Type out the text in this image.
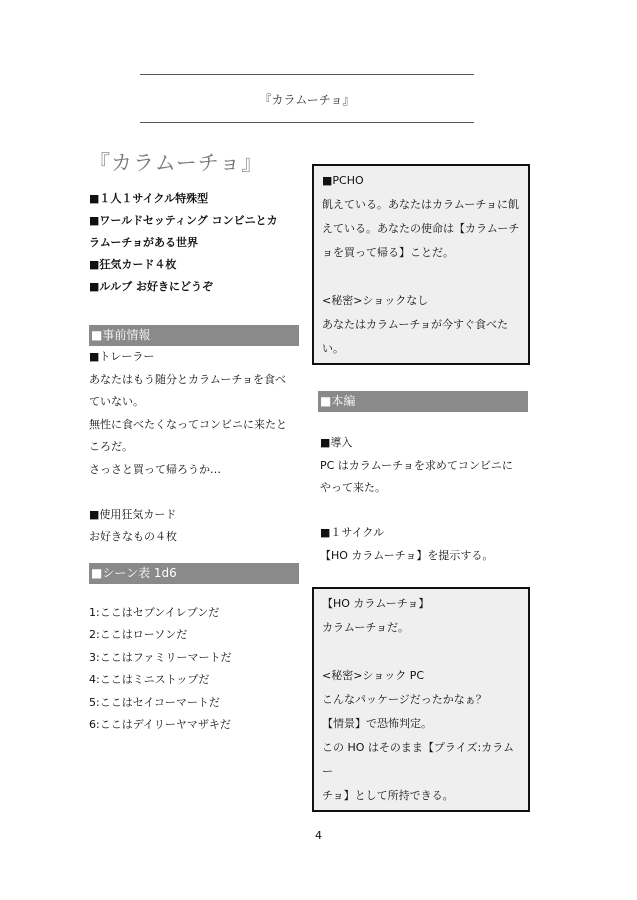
『カラムーチョ』
『カラムーチョ』
■１人１サイクル特殊型
■ワールドセッティング コンビニとカ
ラムーチョがある世界
■狂気カード４枚
■ルルブ お好きにどうぞ
■事前情報
■トレーラー
あなたはもう随分とカラムーチョを食べ
ていない。
無性に食べたくなってコンビニに来たと
ころだ。
さっさと買って帰ろうか…
■使用狂気カード
お好きなもの４枚
■シーン表 1d6
1:ここはセブンイレブンだ
2:ここはローソンだ
3:ここはファミリーマートだ
4:ここはミニストップだ
5:ここはセイコーマートだ
6:ここはデイリーヤマザキだ
■PCHO
飢えている。あなたはカラムーチョに飢
えている。あなたの使命は【カラムーチ
ョを買って帰る】ことだ。
<秘密>ショックなし
あなたはカラムーチョが今すぐ食べた
い。
■本編
■導入
PC はカラムーチョを求めてコンビニに
やって来た。
■１サイクル
【HO カラムーチョ】を提示する。
【HO カラムーチョ】
カラムーチョだ。
<秘密>ショック PC
こんなパッケージだったかなぁ？
【情景】で恐怖判定。
この HO はそのまま【プライズ:カラムー
チョ】として所持できる。
4
